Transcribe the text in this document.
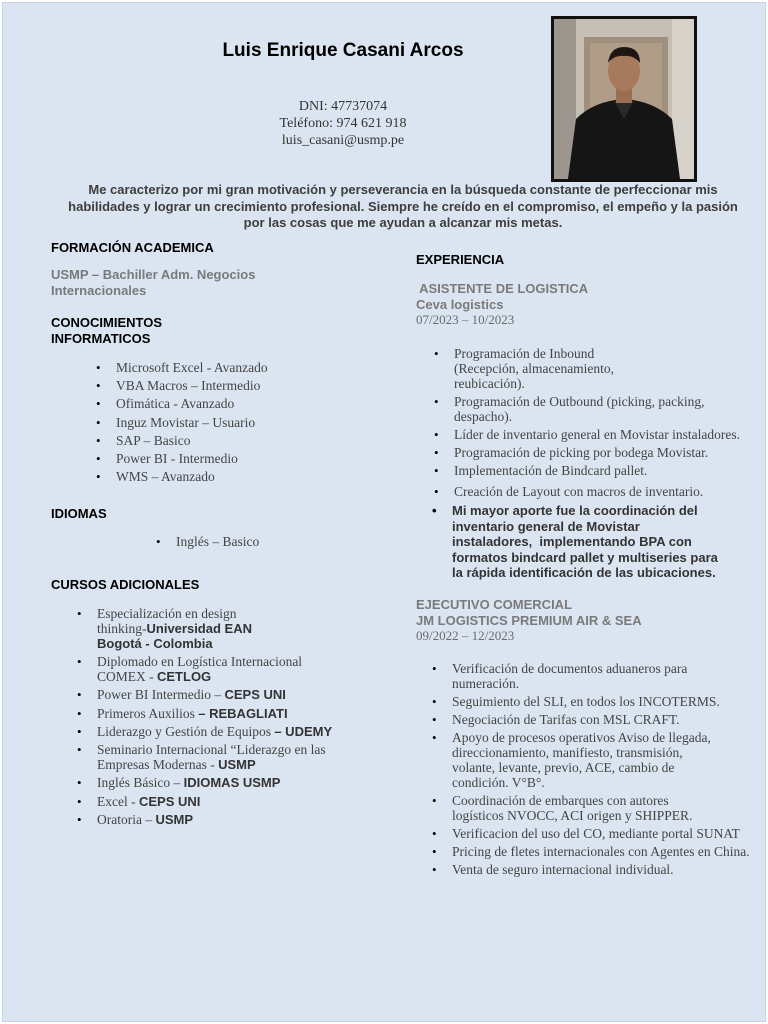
Luis Enrique Casani Arcos
DNI: 47737074
Teléfono: 974 621 918
luis_casani@usmp.pe
Me caracterizo por mi gran motivación y perseverancia en la búsqueda constante de perfeccionar mis habilidades y lograr un crecimiento profesional. Siempre he creído en el compromiso, el empeño y la pasión por las cosas que me ayudan a alcanzar mis metas.
FORMACIÓN ACADEMICA
USMP – Bachiller Adm. Negocios
Internacionales
CONOCIMIENTOS
INFORMATICOS
• Microsoft Excel - Avanzado
• VBA Macros – Intermedio
• Ofimática - Avanzado
• Inguz Movistar – Usuario
• SAP – Basico
• Power BI - Intermedio
• WMS – Avanzado
IDIOMAS
• Inglés – Basico
CURSOS ADICIONALES
• Especialización en design
thinking-Universidad EAN
Bogotá - Colombia
• Diplomado en Logística Internacional
COMEX - CETLOG
• Power BI Intermedio – CEPS UNI
• Primeros Auxilios – REBAGLIATI
• Liderazgo y Gestión de Equipos – UDEMY
• Seminario Internacional “Liderazgo en las
Empresas Modernas - USMP
• Inglés Básico – IDIOMAS USMP
• Excel - CEPS UNI
• Oratoria – USMP
EXPERIENCIA
ASISTENTE DE LOGISTICA
Ceva logistics
07/2023 – 10/2023
• Programación de Inbound
(Recepción, almacenamiento,
reubicación).
• Programación de Outbound (picking, packing,
despacho).
• Líder de inventario general en Movistar instaladores.
• Programación de picking por bodega Movistar.
• Implementación de Bindcard pallet.
• Creación de Layout con macros de inventario.
• Mi mayor aporte fue la coordinación del
inventario general de Movistar
instaladores,  implementando BPA con
formatos bindcard pallet y multiseries para
la rápida identificación de las ubicaciones.
EJECUTIVO COMERCIAL
JM LOGISTICS PREMIUM AIR & SEA
09/2022 – 12/2023
• Verificación de documentos aduaneros para
numeración.
• Seguimiento del SLI, en todos los INCOTERMS.
• Negociación de Tarifas con MSL CRAFT.
• Apoyo de procesos operativos Aviso de llegada,
direccionamiento, manifiesto, transmisión,
volante, levante, previo, ACE, cambio de
condición. V°B°.
• Coordinación de embarques con autores
logísticos NVOCC, ACI origen y SHIPPER.
• Verificacion del uso del CO, mediante portal SUNAT
• Pricing de fletes internacionales con Agentes en China.
• Venta de seguro internacional individual.
